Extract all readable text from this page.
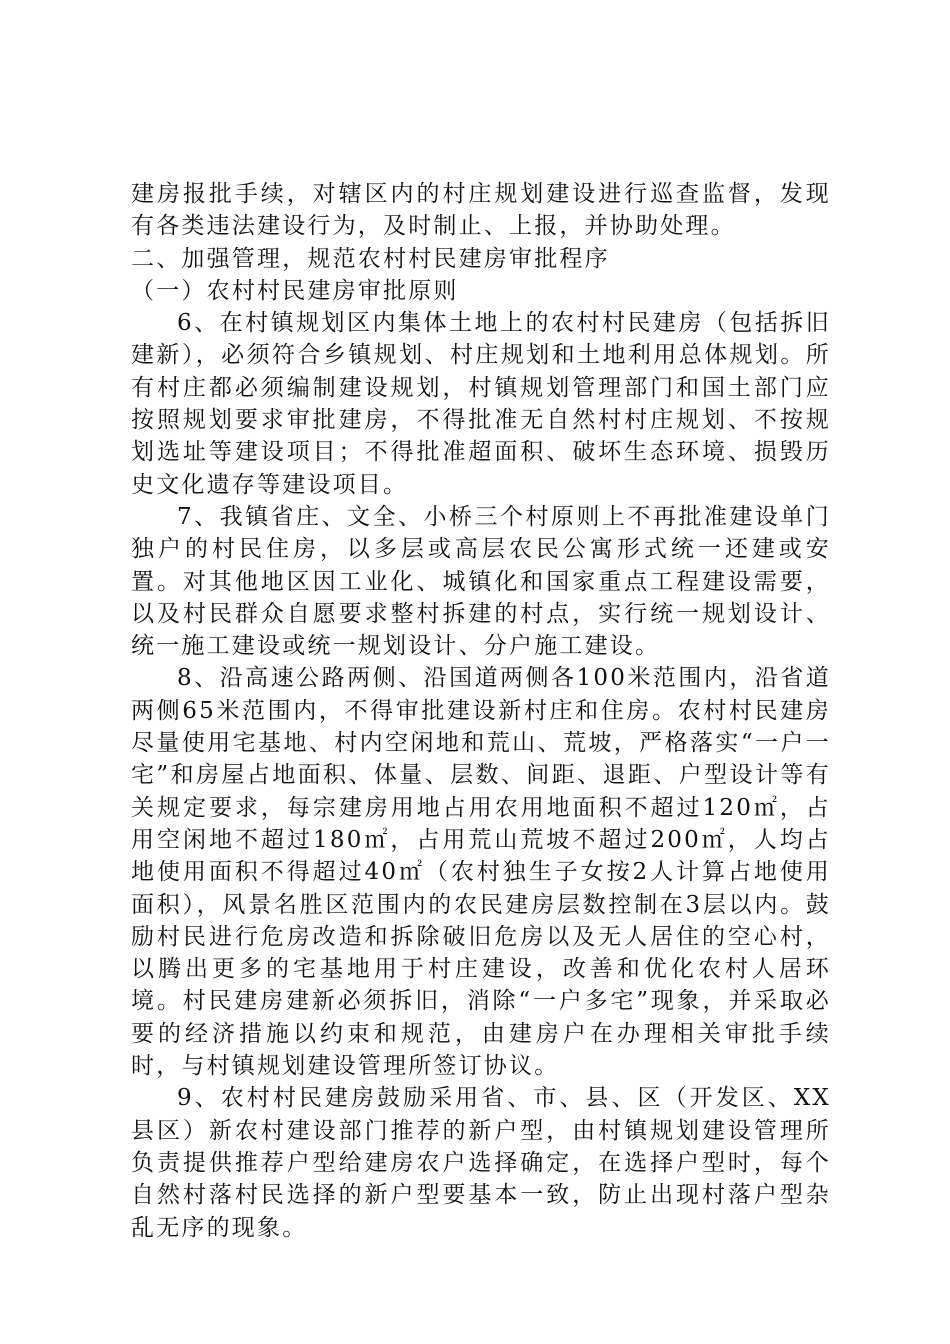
建房报批手续，对辖区内的村庄规划建设进行巡查监督，发现有各类违法建设行为，及时制止、上报，并协助处理。

二、加强管理，规范农村村民建房审批程序

（一）农村村民建房审批原则

6、在村镇规划区内集体土地上的农村村民建房（包括拆旧建新），必须符合乡镇规划、村庄规划和土地利用总体规划。所有村庄都必须编制建设规划，村镇规划管理部门和国土部门应按照规划要求审批建房，不得批准无自然村村庄规划、不按规划选址等建设项目；不得批准超面积、破坏生态环境、损毁历史文化遗存等建设项目。

7、我镇省庄、文全、小桥三个村原则上不再批准建设单门独户的村民住房，以多层或高层农民公寓形式统一还建或安置。对其他地区因工业化、城镇化和国家重点工程建设需要，以及村民群众自愿要求整村拆建的村点，实行统一规划设计、统一施工建设或统一规划设计、分户施工建设。

8、沿高速公路两侧、沿国道两侧各100米范围内，沿省道两侧65米范围内，不得审批建设新村庄和住房。农村村民建房尽量使用宅基地、村内空闲地和荒山、荒坡，严格落实“一户一宅”和房屋占地面积、体量、层数、间距、退距、户型设计等有关规定要求，每宗建房用地占用农用地面积不超过120㎡，占用空闲地不超过180㎡，占用荒山荒坡不超过200㎡，人均占地使用面积不得超过40㎡（农村独生子女按2人计算占地使用面积），风景名胜区范围内的农民建房层数控制在3层以内。鼓励村民进行危房改造和拆除破旧危房以及无人居住的空心村，以腾出更多的宅基地用于村庄建设，改善和优化农村人居环境。村民建房建新必须拆旧，消除“一户多宅”现象，并采取必要的经济措施以约束和规范，由建房户在办理相关审批手续时，与村镇规划建设管理所签订协议。

9、农村村民建房鼓励采用省、市、县、区（开发区、XX县区）新农村建设部门推荐的新户型，由村镇规划建设管理所负责提供推荐户型给建房农户选择确定，在选择户型时，每个自然村落村民选择的新户型要基本一致，防止出现村落户型杂乱无序的现象。
